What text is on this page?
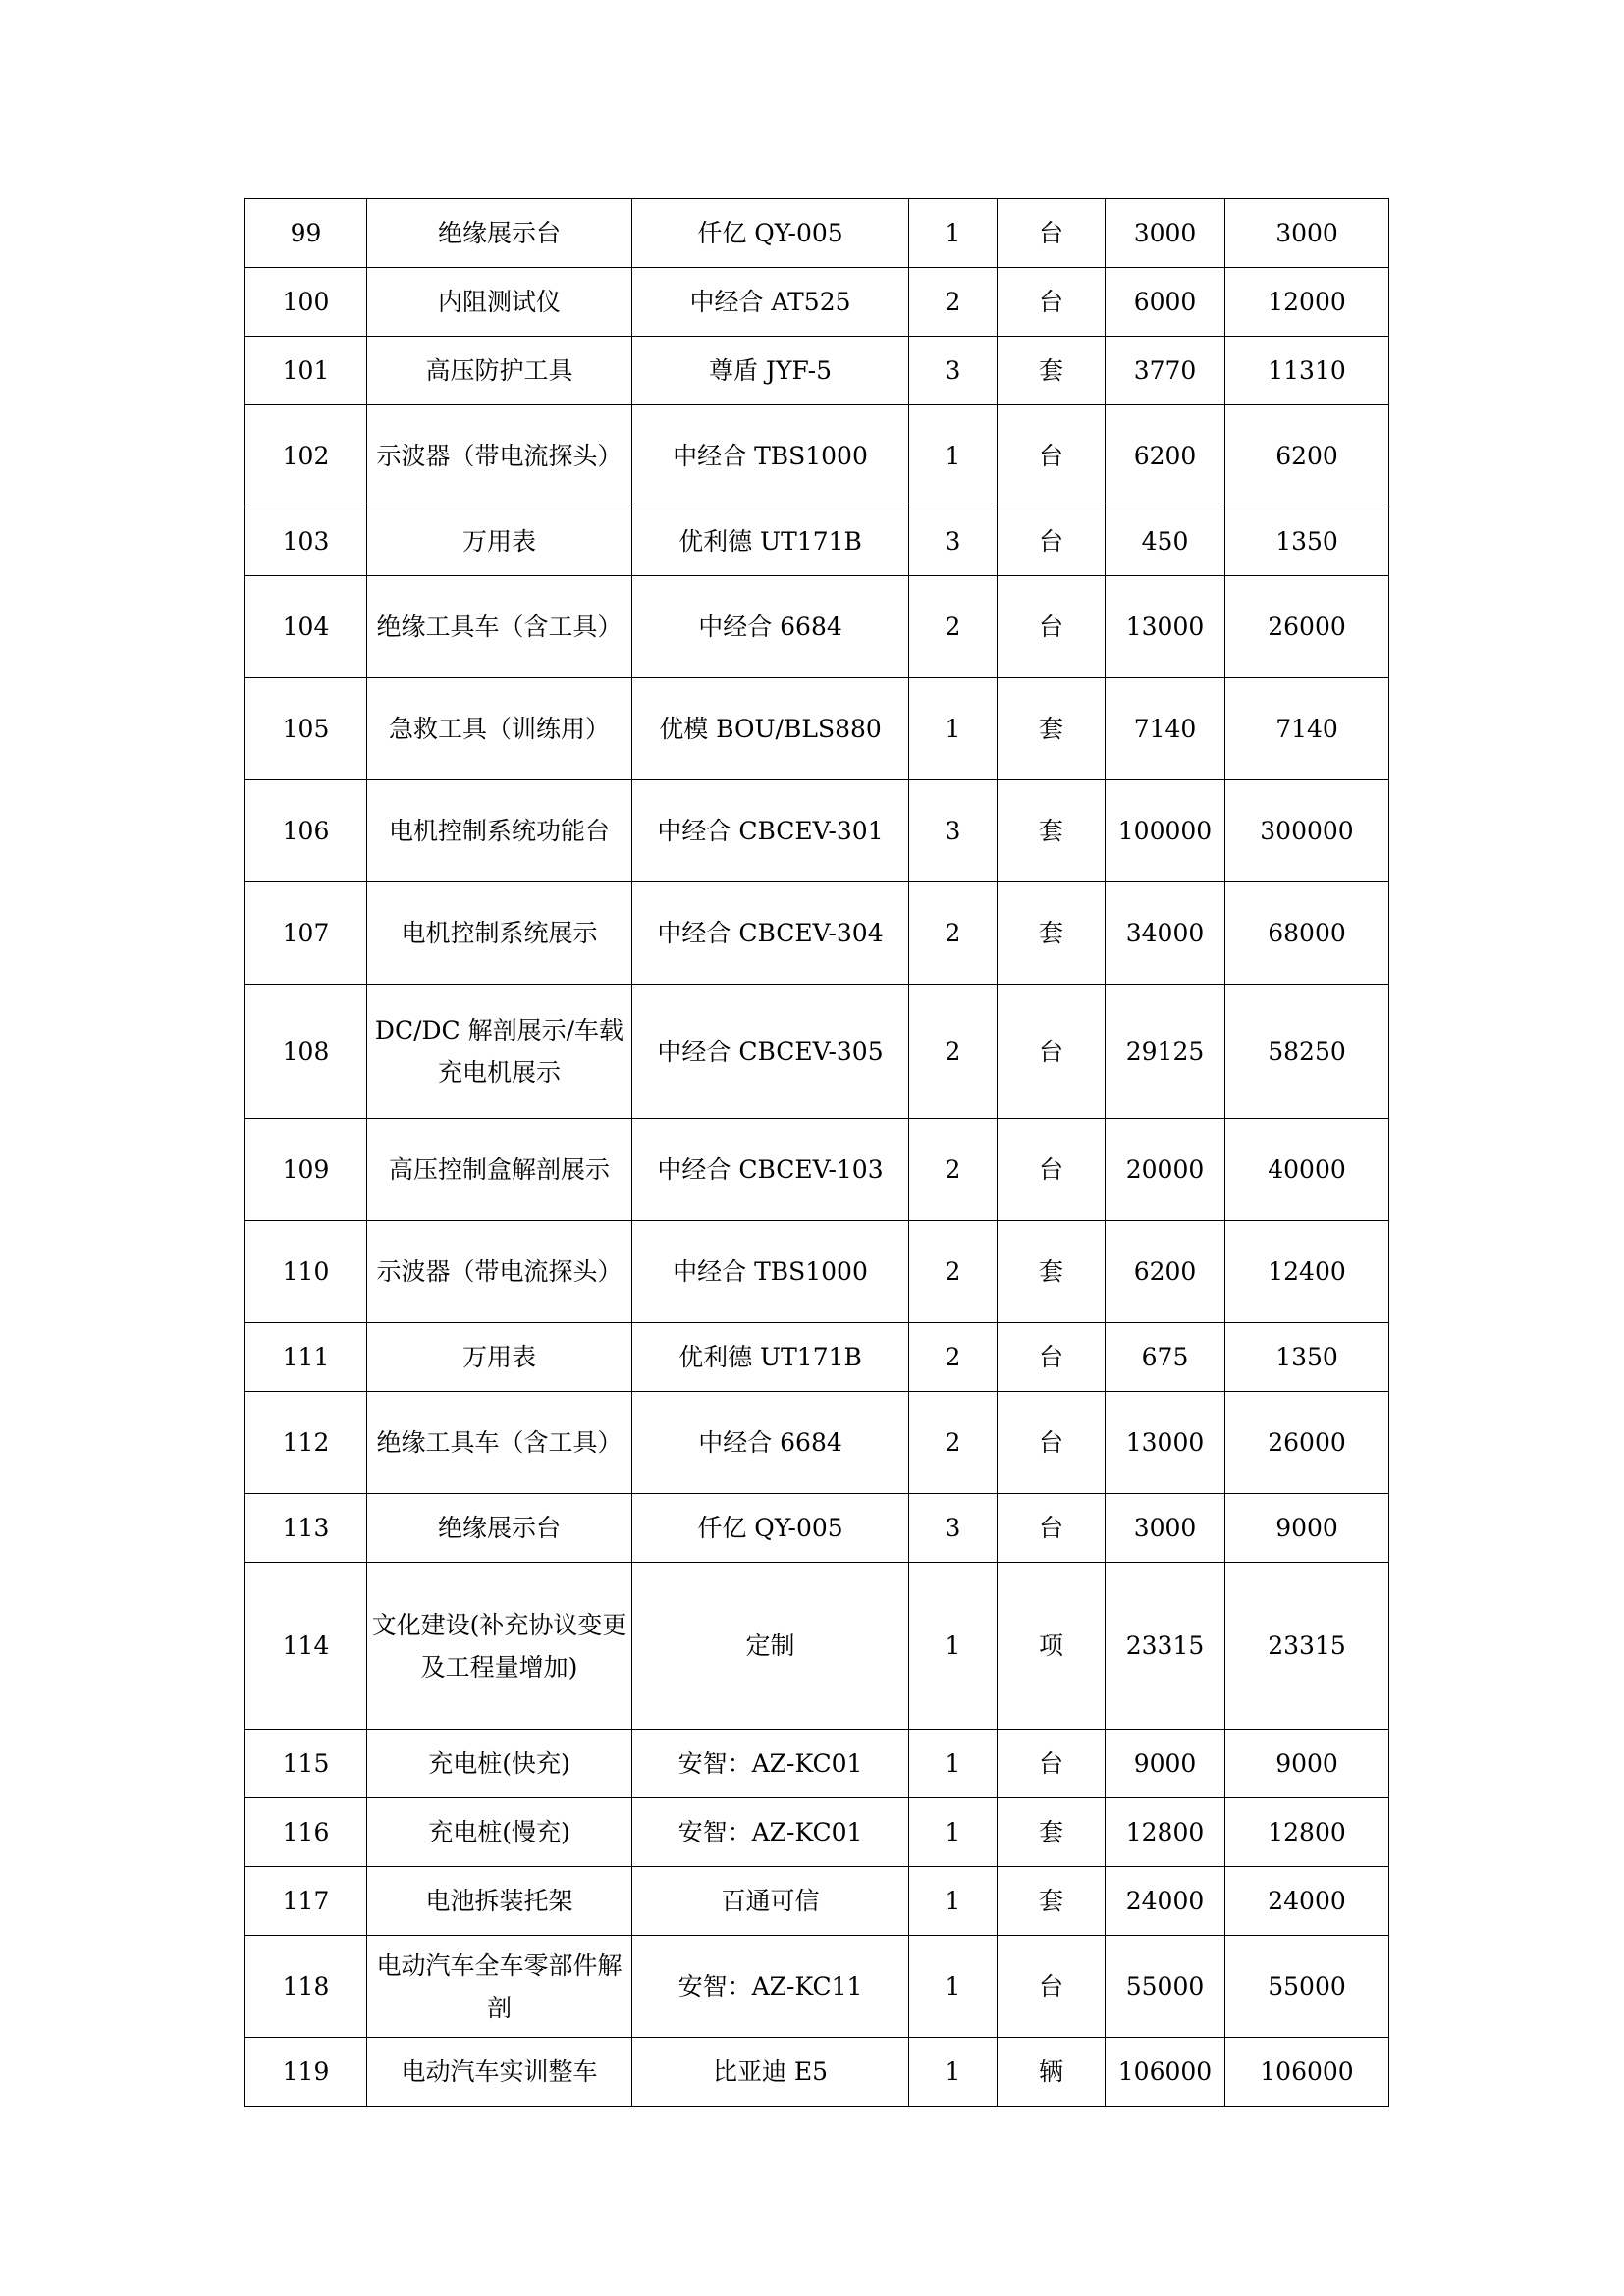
99	绝缘展示台	仟亿 QY-005	1	台	3000	3000
100	内阻测试仪	中经合 AT525	2	台	6000	12000
101	高压防护工具	尊盾 JYF-5	3	套	3770	11310
102	示波器（带电流探头）	中经合 TBS1000	1	台	6200	6200
103	万用表	优利德 UT171B	3	台	450	1350
104	绝缘工具车（含工具）	中经合 6684	2	台	13000	26000
105	急救工具（训练用）	优模 BOU/BLS880	1	套	7140	7140
106	电机控制系统功能台	中经合 CBCEV-301	3	套	100000	300000
107	电机控制系统展示	中经合 CBCEV-304	2	套	34000	68000
108	DC/DC 解剖展示/车载充电机展示	中经合 CBCEV-305	2	台	29125	58250
109	高压控制盒解剖展示	中经合 CBCEV-103	2	台	20000	40000
110	示波器（带电流探头）	中经合 TBS1000	2	套	6200	12400
111	万用表	优利德 UT171B	2	台	675	1350
112	绝缘工具车（含工具）	中经合 6684	2	台	13000	26000
113	绝缘展示台	仟亿 QY-005	3	台	3000	9000
114	文化建设(补充协议变更及工程量增加)	定制	1	项	23315	23315
115	充电桩(快充)	安智：AZ-KC01	1	台	9000	9000
116	充电桩(慢充)	安智：AZ-KC01	1	套	12800	12800
117	电池拆装托架	百通可信	1	套	24000	24000
118	电动汽车全车零部件解剖	安智：AZ-KC11	1	台	55000	55000
119	电动汽车实训整车	比亚迪 E5	1	辆	106000	106000
